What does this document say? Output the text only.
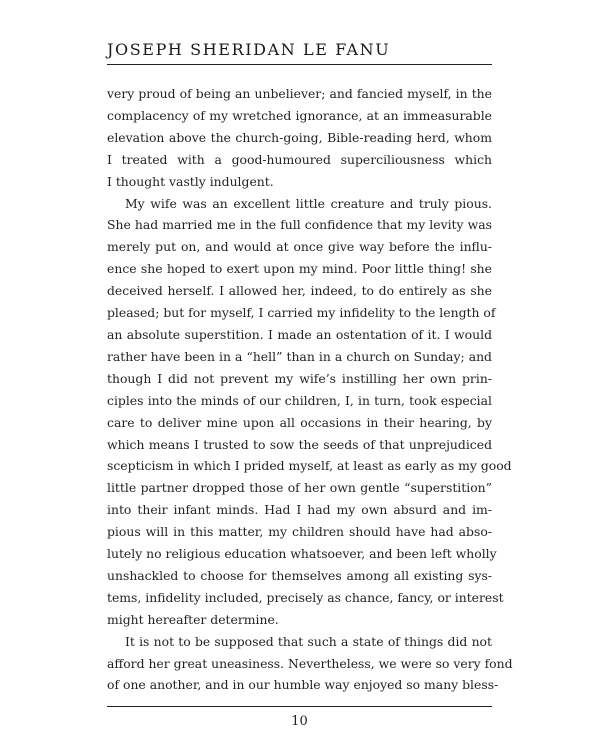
JOSEPH SHERIDAN LE FANU
very proud of being an unbeliever; and fancied myself, in the
complacency of my wretched ignorance, at an immeasurable
elevation above the church-going, Bible-reading herd, whom
I treated with a good-humoured superciliousness which
I thought vastly indulgent.
My wife was an excellent little creature and truly pious.
She had married me in the full confidence that my levity was
merely put on, and would at once give way before the influ-
ence she hoped to exert upon my mind. Poor little thing! she
deceived herself. I allowed her, indeed, to do entirely as she
pleased; but for myself, I carried my infidelity to the length of
an absolute superstition. I made an ostentation of it. I would
rather have been in a “hell” than in a church on Sunday; and
though I did not prevent my wife’s instilling her own prin-
ciples into the minds of our children, I, in turn, took especial
care to deliver mine upon all occasions in their hearing, by
which means I trusted to sow the seeds of that unprejudiced
scepticism in which I prided myself, at least as early as my good
little partner dropped those of her own gentle “superstition”
into their infant minds. Had I had my own absurd and im-
pious will in this matter, my children should have had abso-
lutely no religious education whatsoever, and been left wholly
unshackled to choose for themselves among all existing sys-
tems, infidelity included, precisely as chance, fancy, or interest
might hereafter determine.
It is not to be supposed that such a state of things did not
afford her great uneasiness. Nevertheless, we were so very fond
of one another, and in our humble way enjoyed so many bless-
10
